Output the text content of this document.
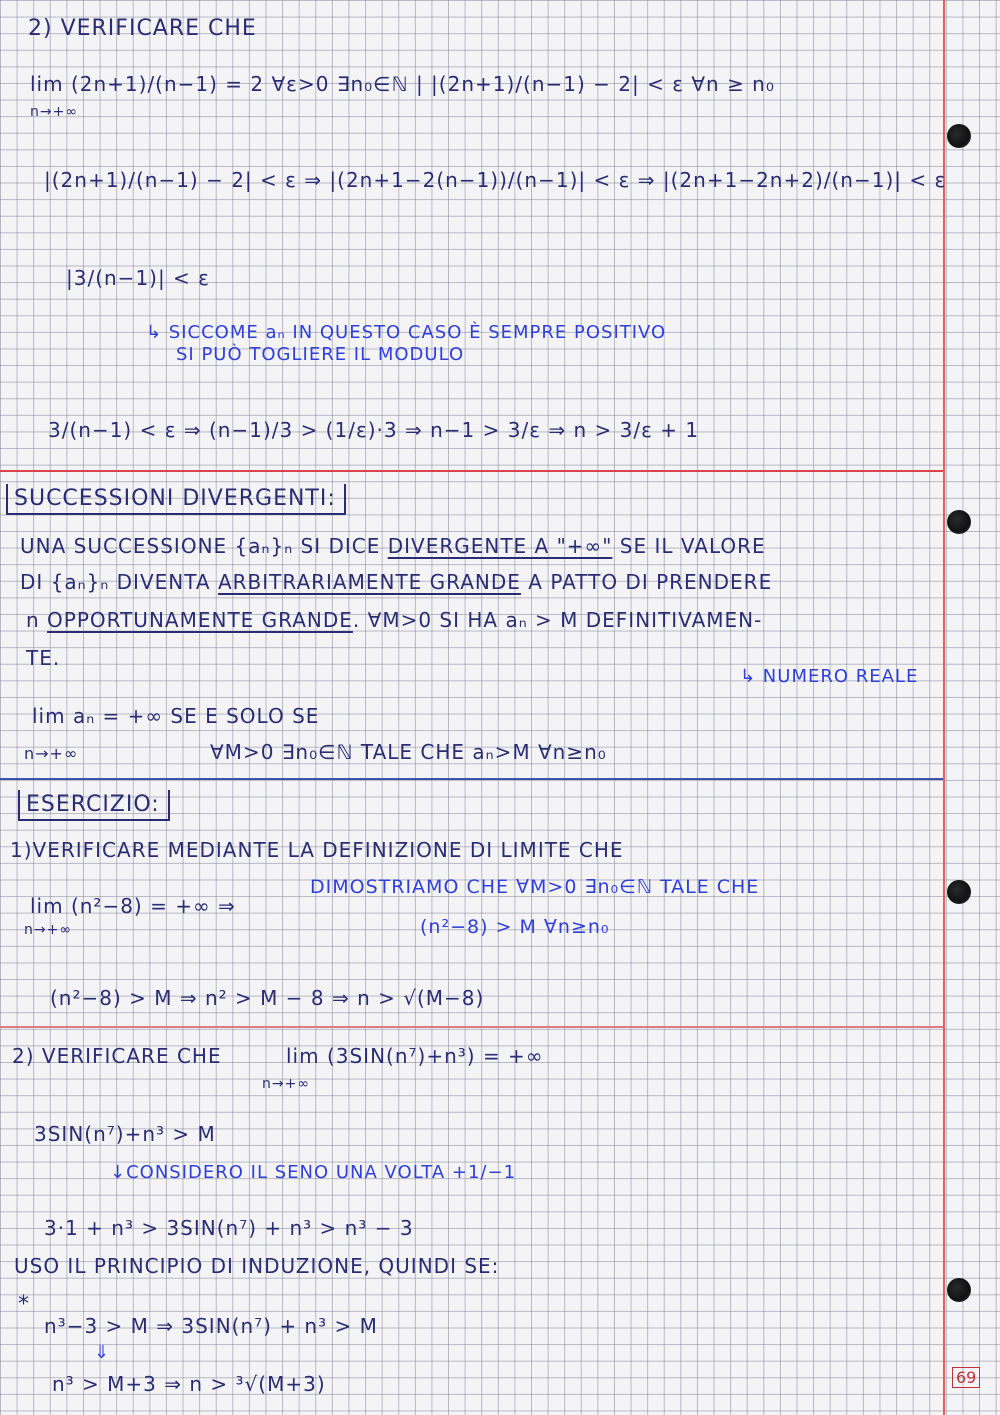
2) VERIFICARE CHE
lim (2n+1)/(n−1) = 2 ∀ε>0 ∃n₀∈ℕ | |(2n+1)/(n−1) − 2| < ε ∀n ≥ n₀
n→+∞
|(2n+1)/(n−1) − 2| < ε ⇒ |(2n+1−2(n−1))/(n−1)| < ε ⇒ |(2n+1−2n+2)/(n−1)| < ε
|3/(n−1)| < ε
↳ SICCOME aₙ IN QUESTO CASO È SEMPRE POSITIVO
SI PUÒ TOGLIERE IL MODULO
3/(n−1) < ε ⇒ (n−1)/3 > (1/ε)·3 ⇒ n−1 > 3/ε ⇒ n > 3/ε + 1
SUCCESSIONI DIVERGENTI:
UNA SUCCESSIONE {aₙ}ₙ SI DICE DIVERGENTE A "+∞" SE IL VALORE
DI {aₙ}ₙ DIVENTA ARBITRARIAMENTE GRANDE A PATTO DI PRENDERE
n OPPORTUNAMENTE GRANDE. ∀M>0 SI HA aₙ > M DEFINITIVAMEN-
TE.
↳ NUMERO REALE
lim aₙ = +∞ SE E SOLO SE
n→+∞	∀M>0 ∃n₀∈ℕ TALE CHE aₙ>M ∀n≥n₀
ESERCIZIO:
1)VERIFICARE MEDIANTE LA DEFINIZIONE DI LIMITE CHE
lim (n²−8) = +∞ ⇒
DIMOSTRIAMO CHE ∀M>0 ∃n₀∈ℕ TALE CHE
n→+∞	(n²−8) > M ∀n≥n₀
(n²−8) > M ⇒ n² > M − 8 ⇒ n > √(M−8)
2) VERIFICARE CHE	lim (3SIN(n⁷)+n³) = +∞
n→+∞
3SIN(n⁷)+n³ > M
↓CONSIDERO IL SENO UNA VOLTA +1/−1
3·1 + n³ > 3SIN(n⁷) + n³ > n³ − 3
USO IL PRINCIPIO DI INDUZIONE, QUINDI SE:
*
n³−3 > M ⇒ 3SIN(n⁷) + n³ > M
⇓
n³ > M+3 ⇒ n > ³√(M+3)	69
